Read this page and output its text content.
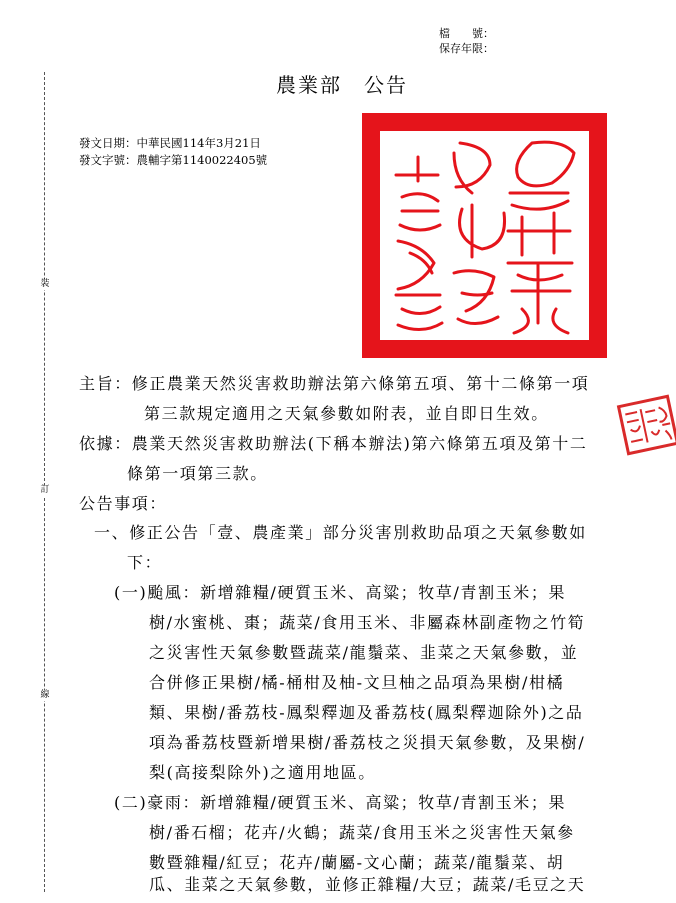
檔　　號：
保存年限：
裝
訂
線
農業部　公告
發文日期：中華民國114年3月21日
發文字號：農輔字第1140022405號
主旨：修正農業天然災害救助辦法第六條第五項、第十二條第一項
第三款規定適用之天氣參數如附表，並自即日生效。
依據：農業天然災害救助辦法(下稱本辦法)第六條第五項及第十二
條第一項第三款。
公告事項：
一、修正公告「壹、農產業」部分災害別救助品項之天氣參數如
下：
(一)颱風：新增雜糧/硬質玉米、高粱；牧草/青割玉米；果
樹/水蜜桃、棗；蔬菜/食用玉米、非屬森林副產物之竹筍
之災害性天氣參數暨蔬菜/龍鬚菜、韭菜之天氣參數，並
合併修正果樹/橘-桶柑及柚-文旦柚之品項為果樹/柑橘
類、果樹/番荔枝-鳳梨釋迦及番荔枝(鳳梨釋迦除外)之品
項為番荔枝暨新增果樹/番荔枝之災損天氣參數，及果樹/
梨(高接梨除外)之適用地區。
(二)豪雨：新增雜糧/硬質玉米、高粱；牧草/青割玉米；果
樹/番石榴；花卉/火鶴；蔬菜/食用玉米之災害性天氣參
數暨雜糧/紅豆；花卉/蘭屬-文心蘭；蔬菜/龍鬚菜、胡
瓜、韭菜之天氣參數，並修正雜糧/大豆；蔬菜/毛豆之天
